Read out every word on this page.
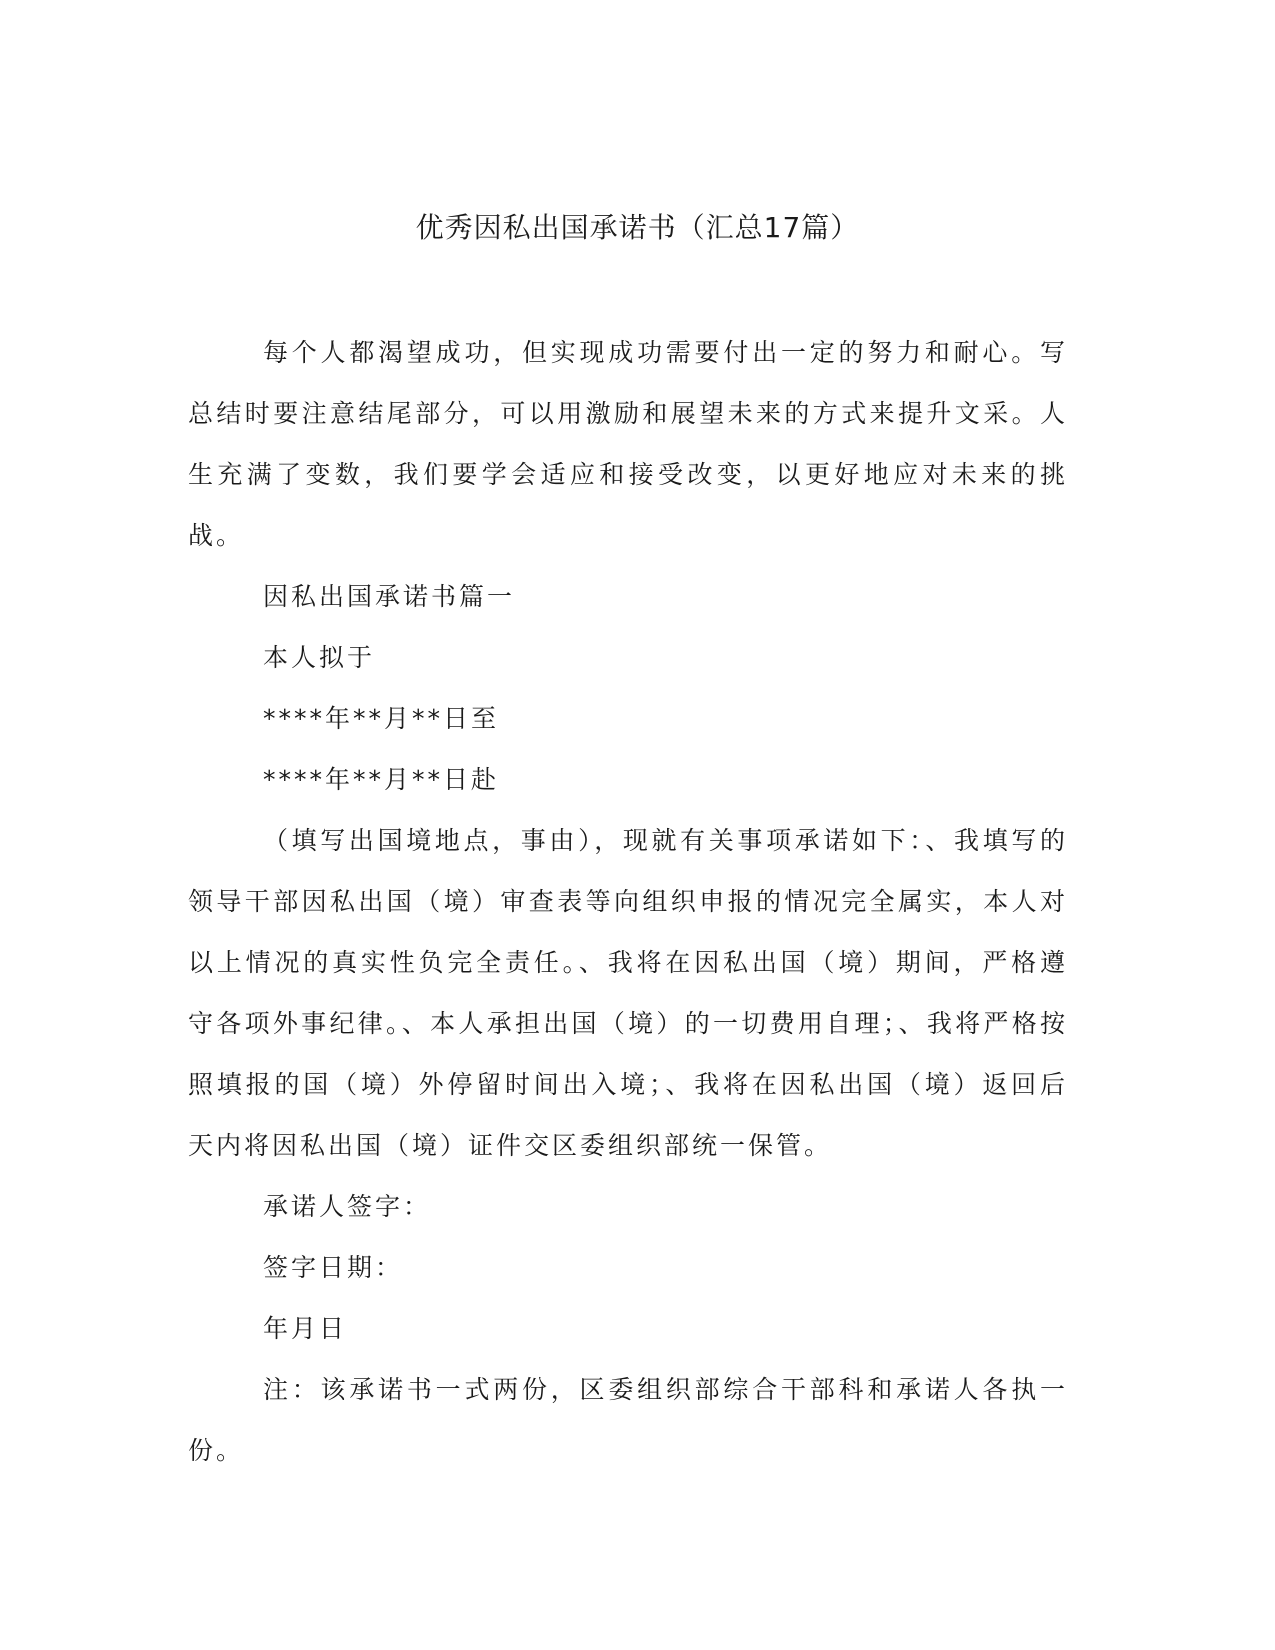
优秀因私出国承诺书（汇总17篇）

每个人都渴望成功，但实现成功需要付出一定的努力和耐心。写总结时要注意结尾部分，可以用激励和展望未来的方式来提升文采。人生充满了变数，我们要学会适应和接受改变，以更好地应对未来的挑战。

因私出国承诺书篇一

本人拟于

****年**月**日至

****年**月**日赴

（填写出国境地点，事由），现就有关事项承诺如下：、我填写的领导干部因私出国（境）审查表等向组织申报的情况完全属实，本人对以上情况的真实性负完全责任。、我将在因私出国（境）期间，严格遵守各项外事纪律。、本人承担出国（境）的一切费用自理；、我将严格按照填报的国（境）外停留时间出入境；、我将在因私出国（境）返回后天内将因私出国（境）证件交区委组织部统一保管。

承诺人签字：

签字日期：

年月日

注：该承诺书一式两份，区委组织部综合干部科和承诺人各执一份。
